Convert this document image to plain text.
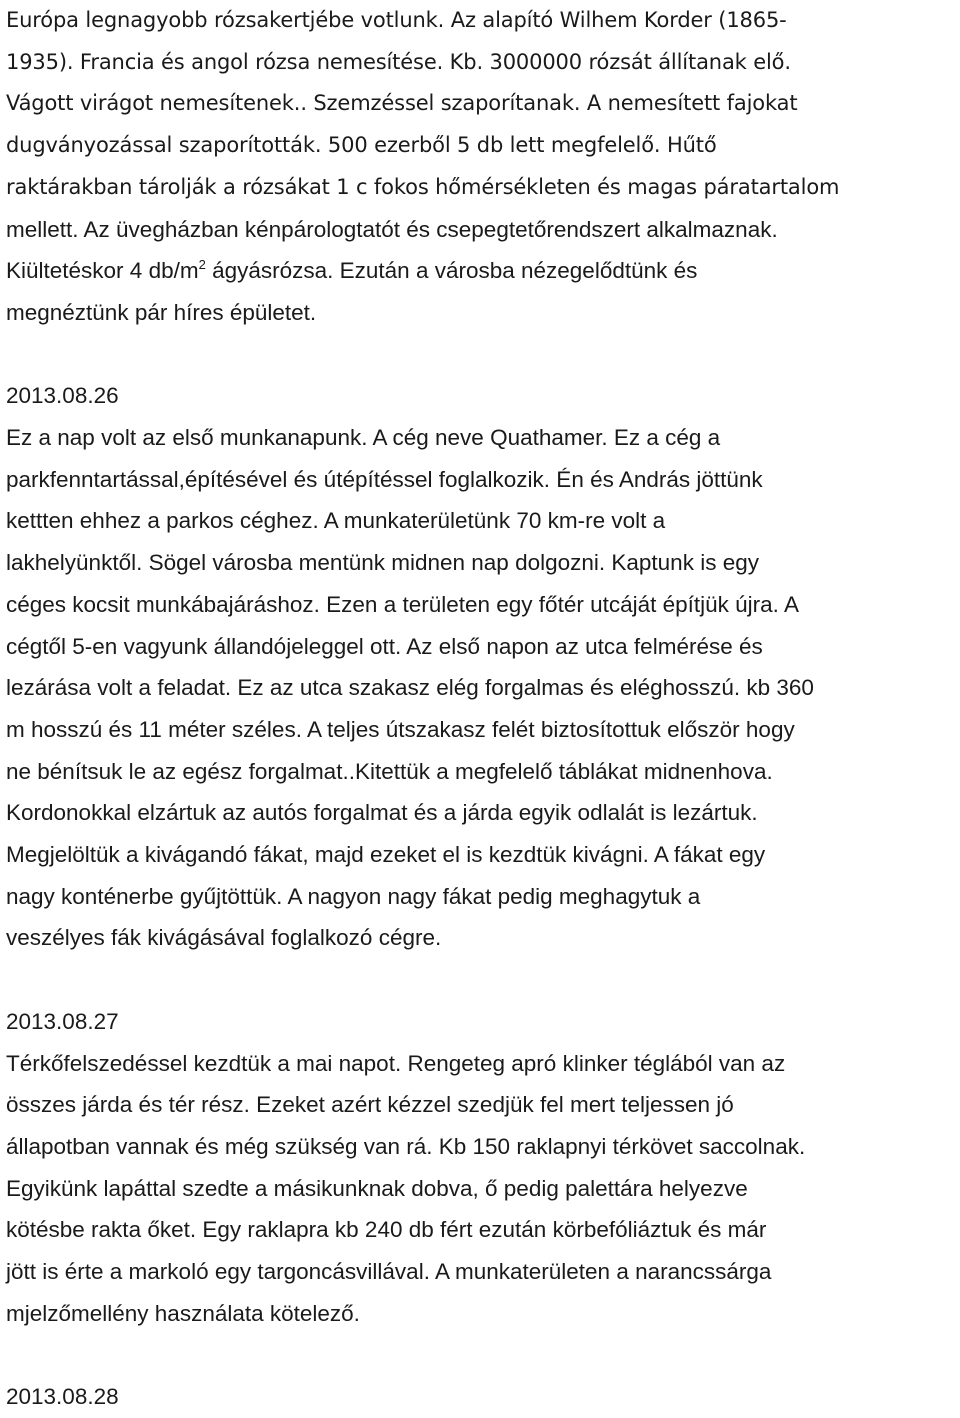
Európa legnagyobb rózsakertjébe votlunk. Az alapító Wilhem Korder (1865-
1935). Francia és angol rózsa nemesítése. Kb. 3000000 rózsát állítanak elő.
Vágott virágot nemesítenek.. Szemzéssel szaporítanak. A nemesített fajokat
dugványozással szaporították. 500 ezerből 5 db lett megfelelő. Hűtő
raktárakban tárolják a rózsákat 1 c fokos hőmérsékleten és magas páratartalom

mellett. Az üvegházban kénpárologtatót és csepegtetőrendszert alkalmaznak.
Kiültetéskor 4 $db/m^2$ ágyásrózsa. Ezután a városba nézegelődtünk és
megnéztünk pár híres épületet.

2013.08.26
Ez a nap volt az első munkanapunk. A cég neve Quathamer. Ez a cég a
parkfenntartással,építésével és útépítéssel foglalkozik. Én és András jöttünk
kettten ehhez a parkos céghez. A munkaterületünk 70 km-re volt a
lakhelyünktől. Sögel városba mentünk midnen nap dolgozni. Kaptunk is egy
céges kocsit munkábajáráshoz. Ezen a területen egy főtér utcáját építjük újra. A
cégtől 5-en vagyunk állandójeleggel ott. Az első napon az utca felmérése és
lezárása volt a feladat. Ez az utca szakasz elég forgalmas és eléghosszú. kb 360
m hosszú és 11 méter széles. A teljes útszakasz felét biztosítottuk először hogy
ne bénítsuk le az egész forgalmat..Kitettük a megfelelő táblákat midnenhova.
Kordonokkal elzártuk az autós forgalmat és a járda egyik odlalát is lezártuk.
Megjelöltük a kivágandó fákat, majd ezeket el is kezdtük kivágni. A fákat egy
nagy konténerbe gyűjtöttük. A nagyon nagy fákat pedig meghagytuk a
veszélyes fák kivágásával foglalkozó cégre.

2013.08.27
Térkőfelszedéssel kezdtük a mai napot. Rengeteg apró klinker téglából van az
összes járda és tér rész. Ezeket azért kézzel szedjük fel mert teljessen jó
állapotban vannak és még szükség van rá. Kb 150 raklapnyi térkövet saccolnak.
Egyikünk lapáttal szedte a másikunknak dobva, ő pedig palettára helyezve
kötésbe rakta őket. Egy raklapra kb 240 db fért ezután körbefóliáztuk és már
jött is érte a markoló egy targoncásvillával. A munkaterületen a narancssárga
mjelzőmellény használata kötelező.

2013.08.28
